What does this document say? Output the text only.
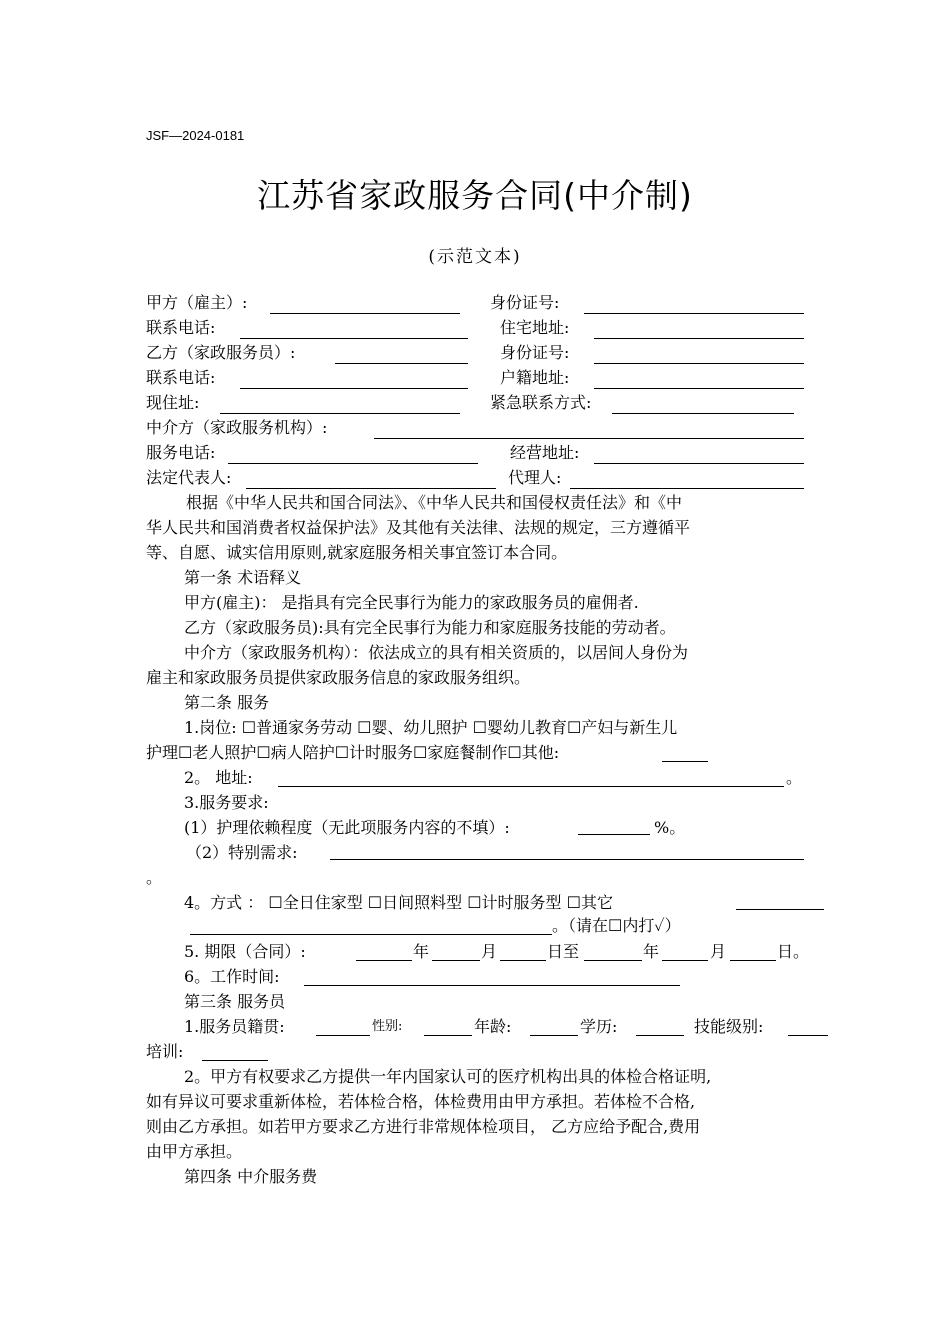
JSF—2024-0181
江苏省家政服务合同(中介制)
(示范文本)
甲方（雇主）:	身份证号:
联系电话:	住宅地址:
乙方（家政服务员）:	身份证号:
联系电话:	户籍地址:
现住址:	紧急联系方式:
中介方（家政服务机构）:
服务电话:	经营地址:
法定代表人:	代理人:
根据《中华人民共和国合同法》、《中华人民共和国侵权责任法》和《中
华人民共和国消费者权益保护法》及其他有关法律、法规的规定，三方遵循平
等、自愿、诚实信用原则,就家庭服务相关事宜签订本合同。
第一条 术语释义
甲方(雇主)： 是指具有完全民事行为能力的家政服务员的雇佣者.
乙方（家政服务员):具有完全民事行为能力和家庭服务技能的劳动者。
中介方（家政服务机构）：依法成立的具有相关资质的，以居间人身份为
雇主和家政服务员提供家政服务信息的家政服务组织。
第二条 服务
1.岗位: ☐普通家务劳动 ☐婴、幼儿照护 ☐婴幼儿教育☐产妇与新生儿
护理☐老人照护☐病人陪护☐计时服务☐家庭餐制作☐其他:
2。 地址:	。
3.服务要求:
(1）护理依赖程度（无此项服务内容的不填）:	%。
（2）特别需求:
。
4。方式 ： ☐全日住家型 ☐日间照料型 ☐计时服务型 ☐其它
。（请在☐内打✓）
5. 期限（合同）:	年	月	日至	年	月	日。
6。工作时间:
第三条 服务员
1.服务员籍贯:	性别:	年龄:	学历:	技能级别:
培训:
2。甲方有权要求乙方提供一年内国家认可的医疗机构出具的体检合格证明,
如有异议可要求重新体检，若体检合格，体检费用由甲方承担。若体检不合格,
则由乙方承担。如若甲方要求乙方进行非常规体检项目， 乙方应给予配合,费用
由甲方承担。
第四条 中介服务费
